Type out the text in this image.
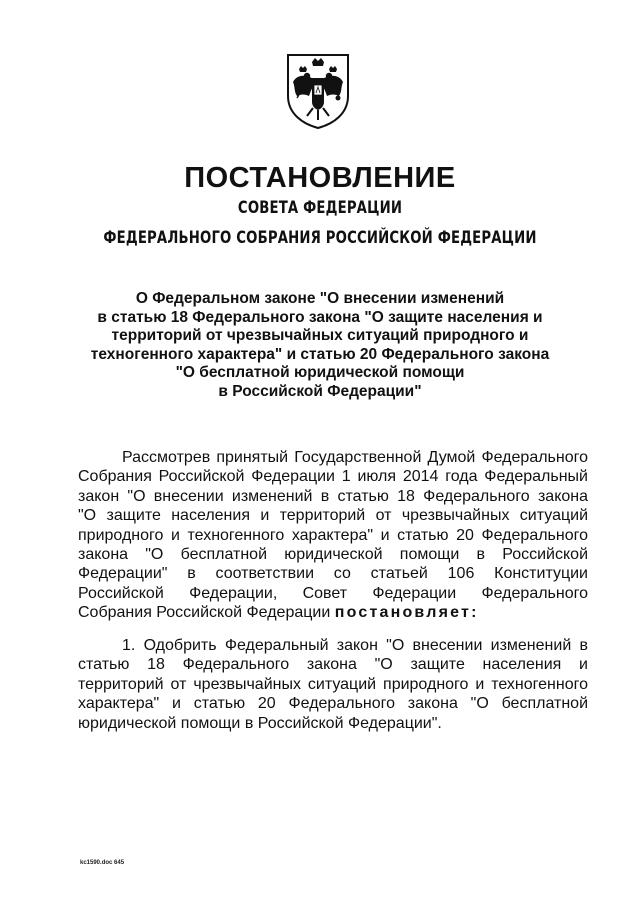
ПОСТАНОВЛЕНИЕ
СОВЕТА ФЕДЕРАЦИИ
ФЕДЕРАЛЬНОГО СОБРАНИЯ РОССИЙСКОЙ ФЕДЕРАЦИИ
О Федеральном законе "О внесении изменений
в статью 18 Федерального закона "О защите населения и
территорий от чрезвычайных ситуаций природного и
техногенного характера" и статью 20 Федерального закона
"О бесплатной юридической помощи
в Российской Федерации"
Рассмотрев принятый Государственной Думой Федерального
Собрания Российской Федерации 1 июля 2014 года Федеральный
закон "О внесении изменений в статью 18 Федерального закона
"О защите населения и территорий от чрезвычайных ситуаций
природного и техногенного характера" и статью 20 Федерального
закона "О бесплатной юридической помощи в Российской
Федерации" в соответствии со статьей 106 Конституции
Российской Федерации, Совет Федерации Федерального
Собрания Российской Федерации постановляет:
1. Одобрить Федеральный закон "О внесении изменений в
статью 18 Федерального закона "О защите населения и
территорий от чрезвычайных ситуаций природного и техногенного
характера" и статью 20 Федерального закона "О бесплатной
юридической помощи в Российской Федерации".
kc1590.doc 645
